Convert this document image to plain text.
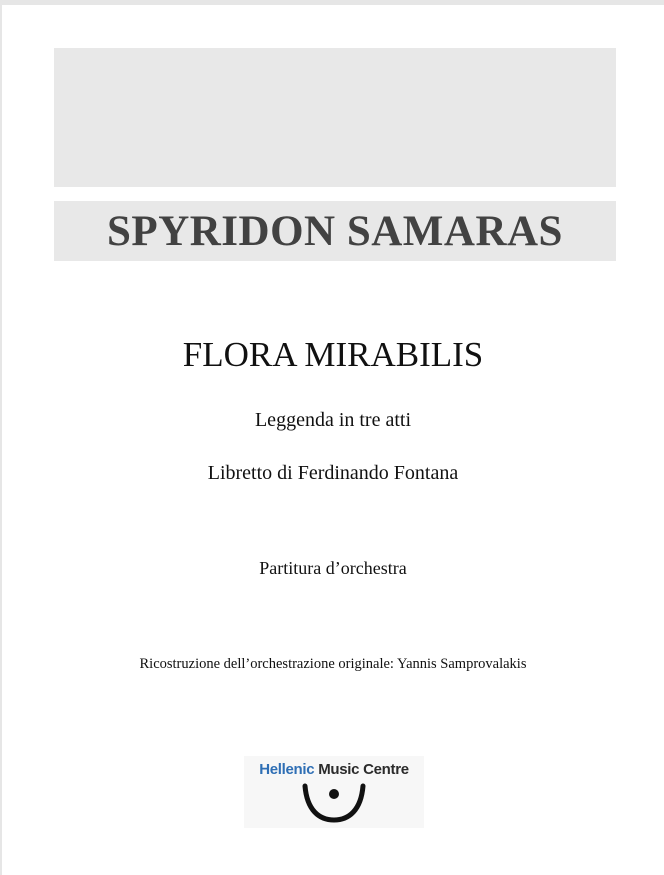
SPYRIDON SAMARAS
FLORA MIRABILIS
Leggenda in tre atti
Libretto di Ferdinando Fontana
Partitura d’orchestra
Ricostruzione dell’orchestrazione originale: Yannis Samprovalakis
Hellenic Music Centre
